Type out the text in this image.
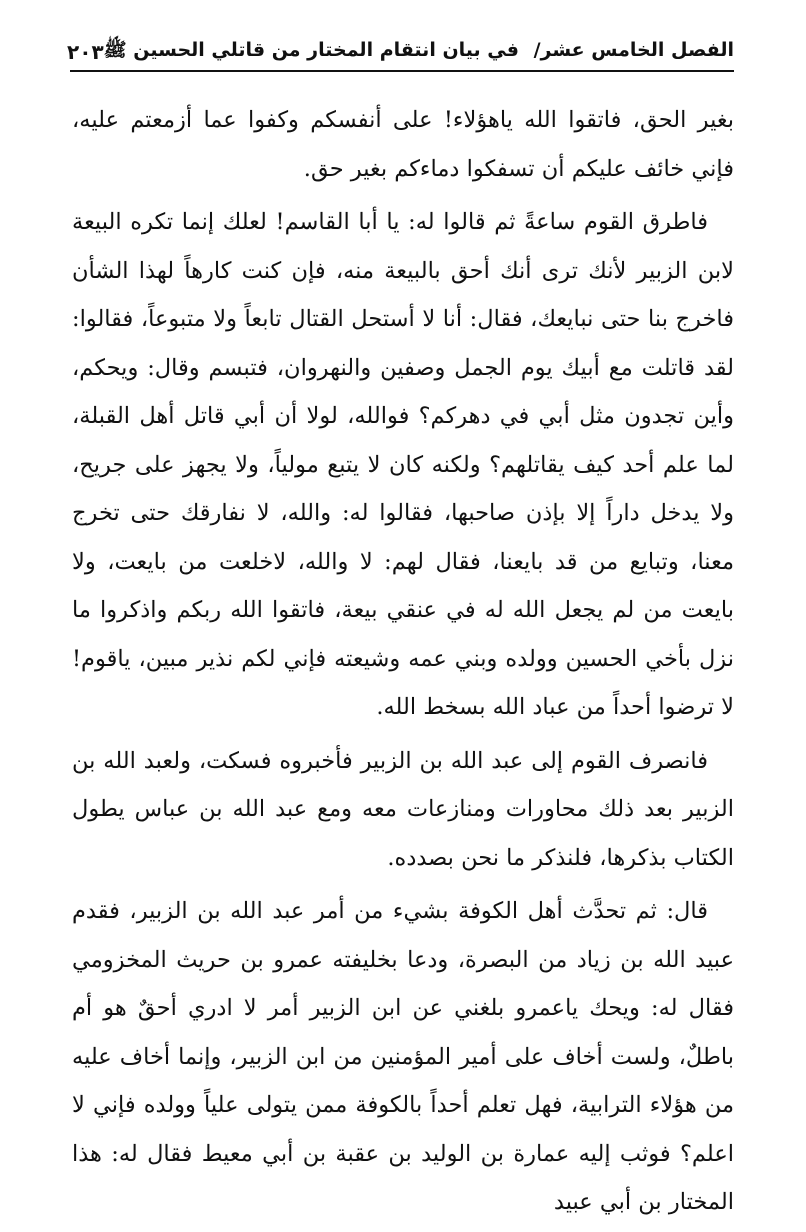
الفصل الخامس عشر/ في بيان انتقام المختار من قاتلي الحسين ﷺ
٢٠٣

بغير الحق، فاتقوا الله ياهؤلاء! على أنفسكم وكفوا عما أزمعتم عليه، فإني خائف عليكم أن تسفكوا دماءكم بغير حق.

فاطرق القوم ساعةً ثم قالوا له: يا أبا القاسم! لعلك إنما تكره البيعة لابن الزبير لأنك ترى أنك أحق بالبيعة منه، فإن كنت كارهاً لهذا الشأن فاخرج بنا حتى نبايعك، فقال: أنا لا أستحل القتال تابعاً ولا متبوعاً، فقالوا: لقد قاتلت مع أبيك يوم الجمل وصفين والنهروان، فتبسم وقال: ويحكم، وأين تجدون مثل أبي في دهركم؟ فوالله، لولا أن أبي قاتل أهل القبلة، لما علم أحد كيف يقاتلهم؟ ولكنه كان لا يتبع مولياً، ولا يجهز على جريح، ولا يدخل داراً إلا بإذن صاحبها، فقالوا له: والله، لا نفارقك حتى تخرج معنا، وتبايع من قد بايعنا، فقال لهم: لا والله، لاخلعت من بايعت، ولا بايعت من لم يجعل الله له في عنقي بيعة، فاتقوا الله ربكم واذكروا ما نزل بأخي الحسين وولده وبني عمه وشيعته فإني لكم نذير مبين، ياقوم! لا ترضوا أحداً من عباد الله بسخط الله.

فانصرف القوم إلى عبد الله بن الزبير فأخبروه فسكت، ولعبد الله بن الزبير بعد ذلك محاورات ومنازعات معه ومع عبد الله بن عباس يطول الكتاب بذكرها، فلنذكر ما نحن بصدده.

قال: ثم تحدَّث أهل الكوفة بشيء من أمر عبد الله بن الزبير، فقدم عبيد الله بن زياد من البصرة، ودعا بخليفته عمرو بن حريث المخزومي فقال له: ويحك ياعمرو بلغني عن ابن الزبير أمر لا ادري أحقٌ هو أم باطلٌ، ولست أخاف على أمير المؤمنين من ابن الزبير، وإنما أخاف عليه من هؤلاء الترابية، فهل تعلم أحداً بالكوفة ممن يتولى علياً وولده فإني لا اعلم؟ فوثب إليه عمارة بن الوليد بن عقبة بن أبي معيط فقال له: هذا المختار بن أبي عبيد
